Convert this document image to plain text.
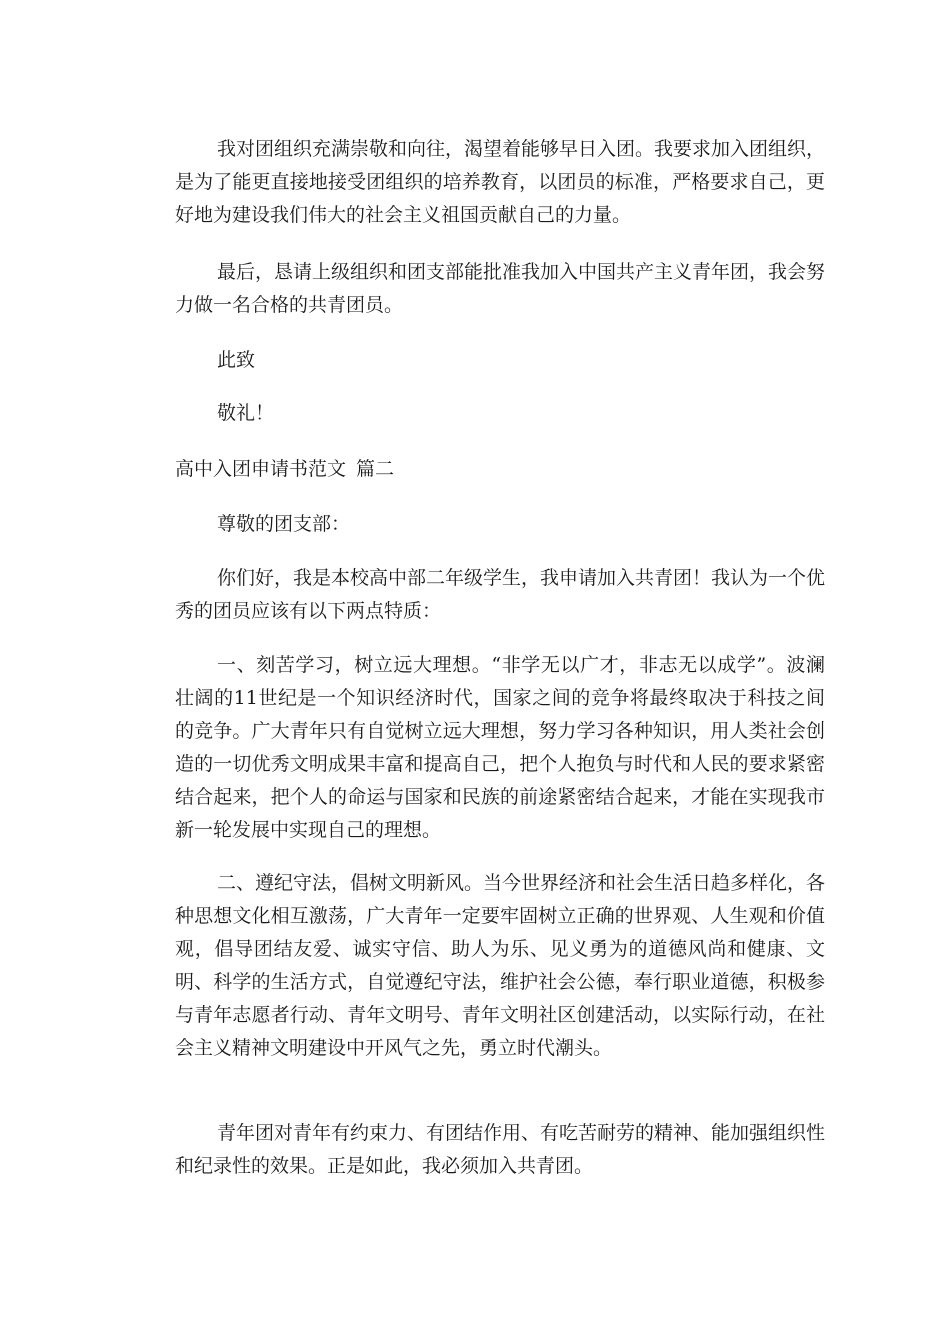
我对团组织充满崇敬和向往，渴望着能够早日入团。我要求加入团组织，是为了能更直接地接受团组织的培养教育，以团员的标准，严格要求自己，更好地为建设我们伟大的社会主义祖国贡献自己的力量。

最后，恳请上级组织和团支部能批准我加入中国共产主义青年团，我会努力做一名合格的共青团员。

此致

敬礼！

高中入团申请书范文 篇二

尊敬的团支部：

你们好，我是本校高中部二年级学生，我申请加入共青团！我认为一个优秀的团员应该有以下两点特质：

一、刻苦学习，树立远大理想。“非学无以广才，非志无以成学”。波澜壮阔的11世纪是一个知识经济时代，国家之间的竞争将最终取决于科技之间的竞争。广大青年只有自觉树立远大理想，努力学习各种知识，用人类社会创造的一切优秀文明成果丰富和提高自己，把个人抱负与时代和人民的要求紧密结合起来，把个人的命运与国家和民族的前途紧密结合起来，才能在实现我市新一轮发展中实现自己的理想。

二、遵纪守法，倡树文明新风。当今世界经济和社会生活日趋多样化，各种思想文化相互激荡，广大青年一定要牢固树立正确的世界观、人生观和价值观，倡导团结友爱、诚实守信、助人为乐、见义勇为的道德风尚和健康、文明、科学的生活方式，自觉遵纪守法，维护社会公德，奉行职业道德，积极参与青年志愿者行动、青年文明号、青年文明社区创建活动，以实际行动，在社会主义精神文明建设中开风气之先，勇立时代潮头。

青年团对青年有约束力、有团结作用、有吃苦耐劳的精神、能加强组织性和纪录性的效果。正是如此，我必须加入共青团。
